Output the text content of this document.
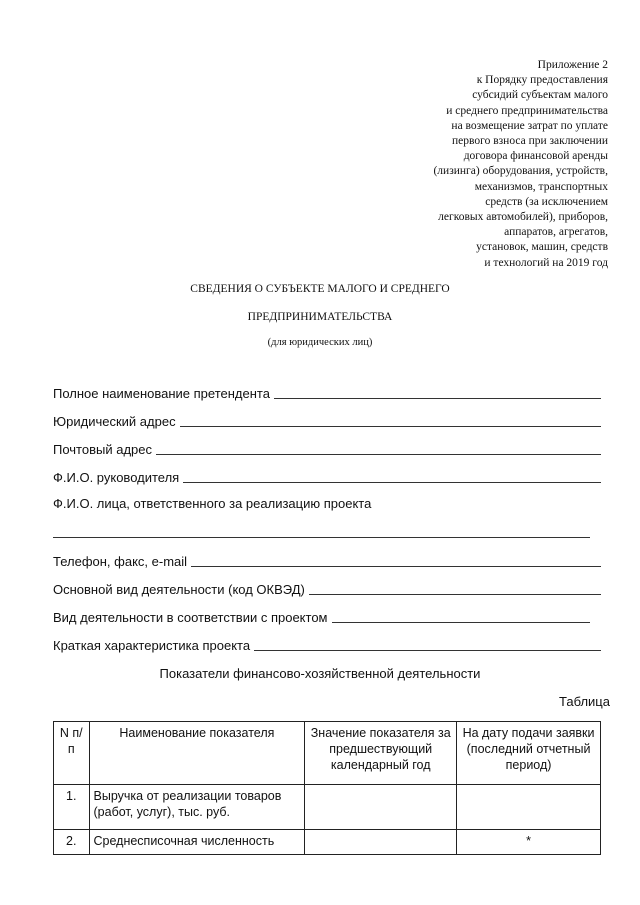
Приложение 2
к Порядку предоставления
субсидий субъектам малого
и среднего предпринимательства
на возмещение затрат по уплате
первого взноса при заключении
договора финансовой аренды
(лизинга) оборудования, устройств,
механизмов, транспортных
средств (за исключением
легковых автомобилей), приборов,
аппаратов, агрегатов,
установок, машин, средств
и технологий на 2019 год
СВЕДЕНИЯ О СУБЪЕКТЕ МАЛОГО И СРЕДНЕГО
ПРЕДПРИНИМАТЕЛЬСТВА
(для юридических лиц)
Полное наименование претендента
Юридический адрес
Почтовый адрес
Ф.И.О. руководителя
Ф.И.О. лица, ответственного за реализацию проекта
Телефон, факс, e-mail
Основной вид деятельности (код ОКВЭД)
Вид деятельности в соответствии с проектом
Краткая характеристика проекта
Показатели финансово-хозяйственной деятельности
Таблица
N п/п	Наименование показателя	Значение показателя за предшествующий календарный год	На дату подачи заявки (последний отчетный период)
1.	Выручка от реализации товаров (работ, услуг), тыс. руб.		
2.	Среднесписочная численность		*
